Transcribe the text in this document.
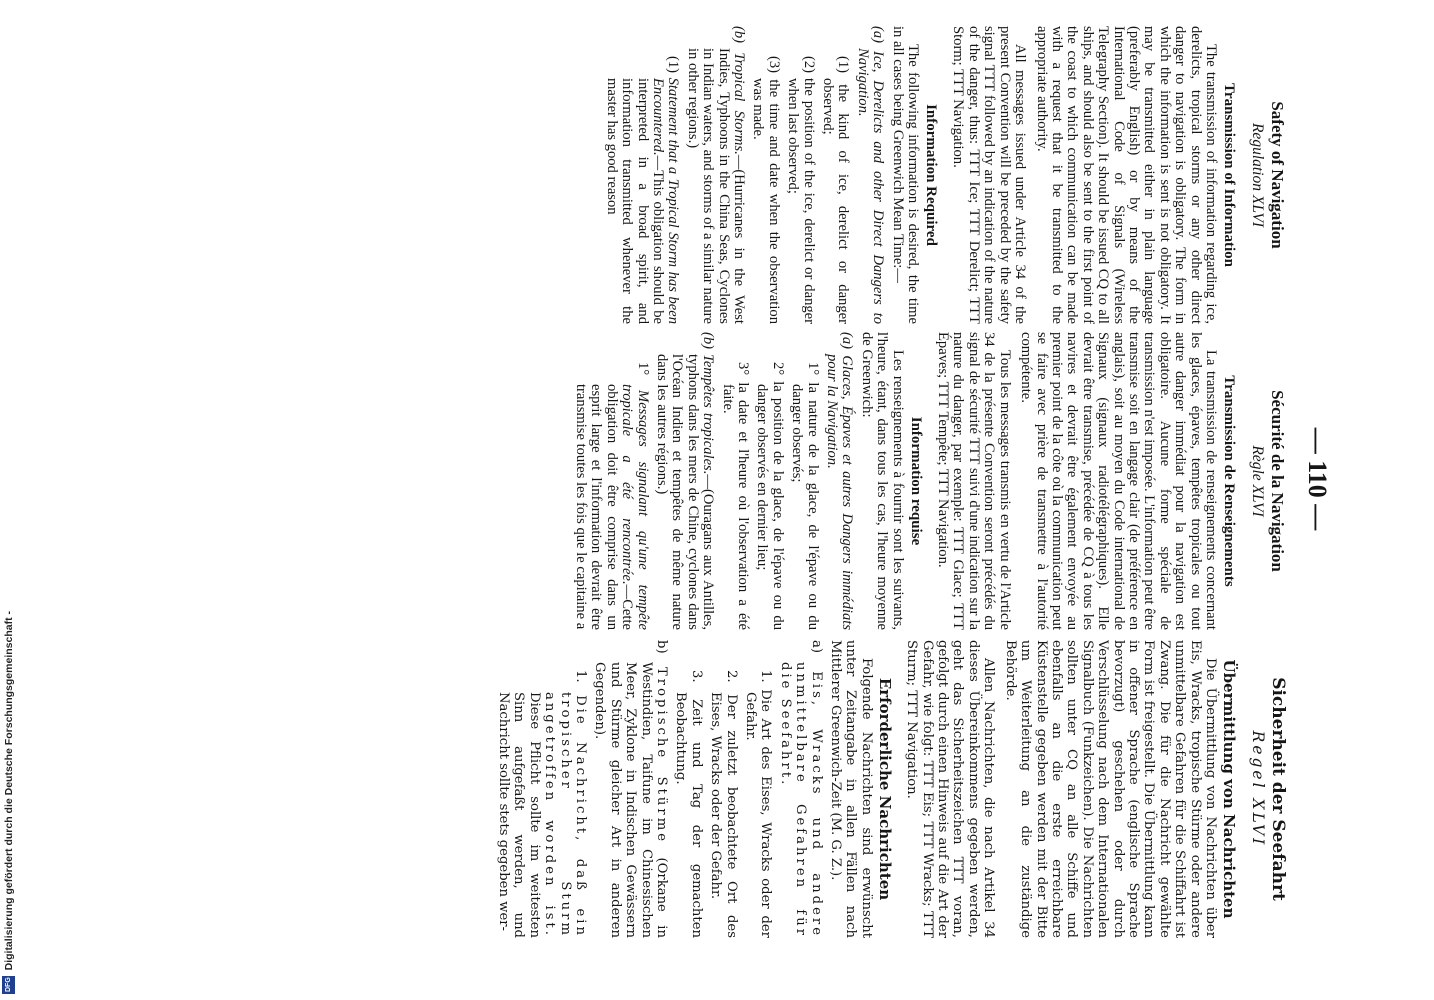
— 110 —

Safety of Navigation

Regulation XLVI

Transmission of Information

The transmission of information regarding ice, derelicts, tropical storms or any other direct danger to navigation is obligatory. The form in which the information is sent is not obligatory. It may be transmitted either in plain language (preferably English) or by means of the International Code of Signals (Wireless Telegraphy Section). It should be issued CQ to all ships, and should also be sent to the first point of the coast to which communication can be made with a request that it be transmitted to the appropriate authority.

All messages issued under Article 34 of the present Convention will be preceded by the safety signal TTT followed by an indication of the nature of the danger, thus: TTT Ice; TTT Derelict; TTT Storm; TTT Navigation.

Information Required

The following information is desired, the time in all cases being Greenwich Mean Time:—

(a) Ice, Derelicts and other Direct Dangers to Navigation.

(1) the kind of ice, derelict or danger observed;

(2) the position of the ice, derelict or danger when last observed;

(3) the time and date when the observation was made.

(b) Tropical Storms.—(Hurricanes in the West Indies, Typhoons in the China Seas, Cyclones in Indian waters, and storms of a similar nature in other regions.)

(1) Statement that a Tropical Storm has been Encountered.—This obligation should be interpreted in a broad spirit, and information transmitted whenever the master has good reason

Sécurité de la Navigation

Règle XLVI

Transmission de Renseignements

La transmission de renseignements concernant les glaces, épaves, tempêtes tropicales ou tout autre danger immédiat pour la navigation est obligatoire. Aucune forme spéciale de transmission n'est imposée. L'information peut être transmise soit en langage clair (de préférence en anglais), soit au moyen du Code international de Signaux (signaux radiotélégraphiques). Elle devrait être transmise, précédée de CQ à tous les navires et devrait être également envoyée au premier point de la côte où la communication peut se faire avec prière de transmettre à l'autorité compétente.

Tous les messages transmis en vertu de l'Article 34 de la présente Convention seront précédés du signal de sécurité TTT suivi d'une indication sur la nature du danger, par exemple: TTT Glace; TTT Épaves; TTT Tempête; TTT Navigation.

Information requise

Les renseignements à fournir sont les suivants, l'heure, étant, dans tous les cas, l'heure moyenne de Greenwich:

(a) Glaces, Épaves et autres Dangers immédiats pour la Navigation.

1° la nature de la glace, de l'épave ou du danger observés;

2° la position de la glace, de l'épave ou du danger observés en dernier lieu;

3° la date et l'heure où l'observation a été faite.

(b) Tempêtes tropicales.—(Ouragans aux Antilles, typhons dans les mers de Chine, cyclones dans l'Océan Indien et tempêtes de même nature dans les autres régions.)

1° Messages signalant qu'une tempête tropicale a été rencontrée.—Cette obligation doit être comprise dans un esprit large et l'information devrait être transmise toutes les fois que le capitaine a

Sicherheit der Seefahrt

Regel XLVI

Übermittlung von Nachrichten

Die Übermittlung von Nachrichten über Eis, Wracks, tropische Stürme oder andere unmittelbare Gefahren für die Schiffahrt ist Zwang. Die für die Nachricht gewählte Form ist freigestellt. Die Übermittlung kann in offener Sprache (englische Sprache bevorzugt) geschehen oder durch Verschlüsselung nach dem Internationalen Signalbuch (Funkzeichen). Die Nachrichten sollten unter CQ an alle Schiffe und ebenfalls an die erste erreichbare Küstenstelle gegeben werden mit der Bitte um Weiterleitung an die zuständige Behörde.

Allen Nachrichten, die nach Artikel 34 dieses Übereinkommens gegeben werden, geht das Sicherheitszeichen TTT voran, gefolgt durch einen Hinweis auf die Art der Gefahr, wie folgt: TTT Eis; TTT Wracks; TTT Sturm; TTT Navigation.

Erforderliche Nachrichten

Folgende Nachrichten sind erwünscht unter Zeitangabe in allen Fällen nach Mittlerer Greenwich-Zeit (M. G. Z.).

a) Eis, Wracks und andere unmittelbare Gefahren für die Seefahrt.

1. Die Art des Eises, Wracks oder der Gefahr.

2. Der zuletzt beobachtete Ort des Eises, Wracks oder der Gefahr.

3. Zeit und Tag der gemachten Beobachtung.

b) Tropische Stürme (Orkane in Westindien, Taifune im Chinesischen Meer, Zyklone in Indischen Gewässern und Stürme gleicher Art in anderen Gegenden).

1. Die Nachricht, daß ein tropischer Sturm angetroffen worden ist. Diese Pflicht sollte im weitesten Sinn aufgefaßt werden, und Nachricht sollte stets gegeben wer-

Digitalisierung gefördert durch die Deutsche Forschungsgemeinschaft -
DFG
